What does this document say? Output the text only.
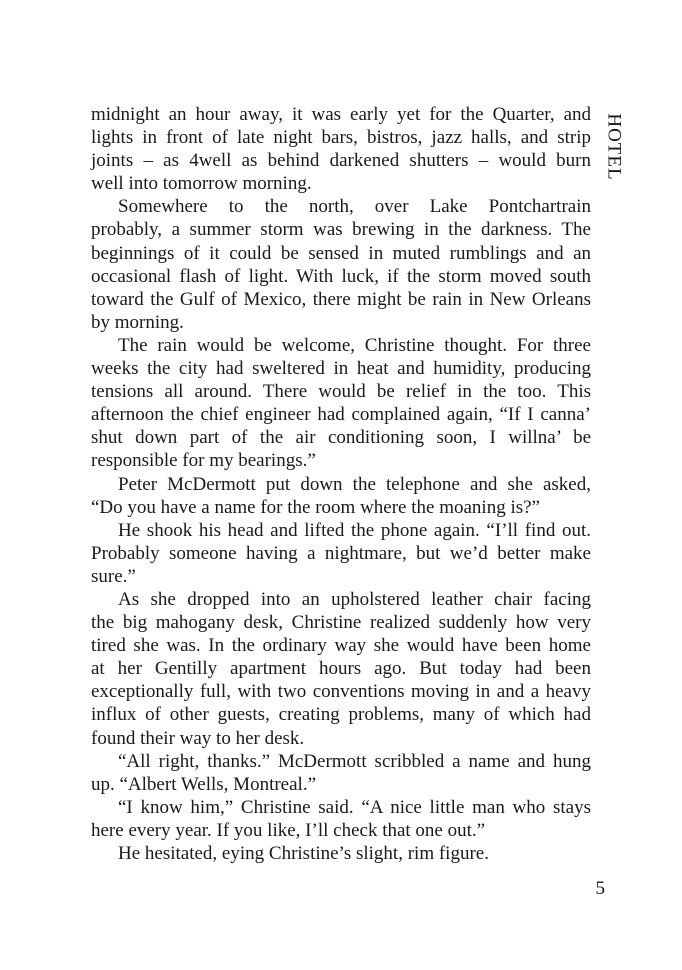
HOTEL
midnight an hour away, it was early yet for the Quarter, and
lights in front of late night bars, bistros, jazz halls, and strip
joints – as 4well as behind darkened shutters – would burn
well into tomorrow morning.
Somewhere to the north, over Lake Pontchartrain
probably, a summer storm was brewing in the darkness. The
beginnings of it could be sensed in muted rumblings and an
occasional flash of light. With luck, if the storm moved south
toward the Gulf of Mexico, there might be rain in New Orleans
by morning.
The rain would be welcome, Christine thought. For three
weeks the city had sweltered in heat and humidity, producing
tensions all around. There would be relief in the too. This
afternoon the chief engineer had complained again, “If I canna’
shut down part of the air conditioning soon, I willna’ be
responsible for my bearings.”
Peter McDermott put down the telephone and she asked,
“Do you have a name for the room where the moaning is?”
He shook his head and lifted the phone again. “I’ll find out.
Probably someone having a nightmare, but we’d better make
sure.”
As she dropped into an upholstered leather chair facing
the big mahogany desk, Christine realized suddenly how very
tired she was. In the ordinary way she would have been home
at her Gentilly apartment hours ago. But today had been
exceptionally full, with two conventions moving in and a heavy
influx of other guests, creating problems, many of which had
found their way to her desk.
“All right, thanks.” McDermott scribbled a name and hung
up. “Albert Wells, Montreal.”
“I know him,” Christine said. “A nice little man who stays
here every year. If you like, I’ll check that one out.”
He hesitated, eying Christine’s slight, rim figure.
5
